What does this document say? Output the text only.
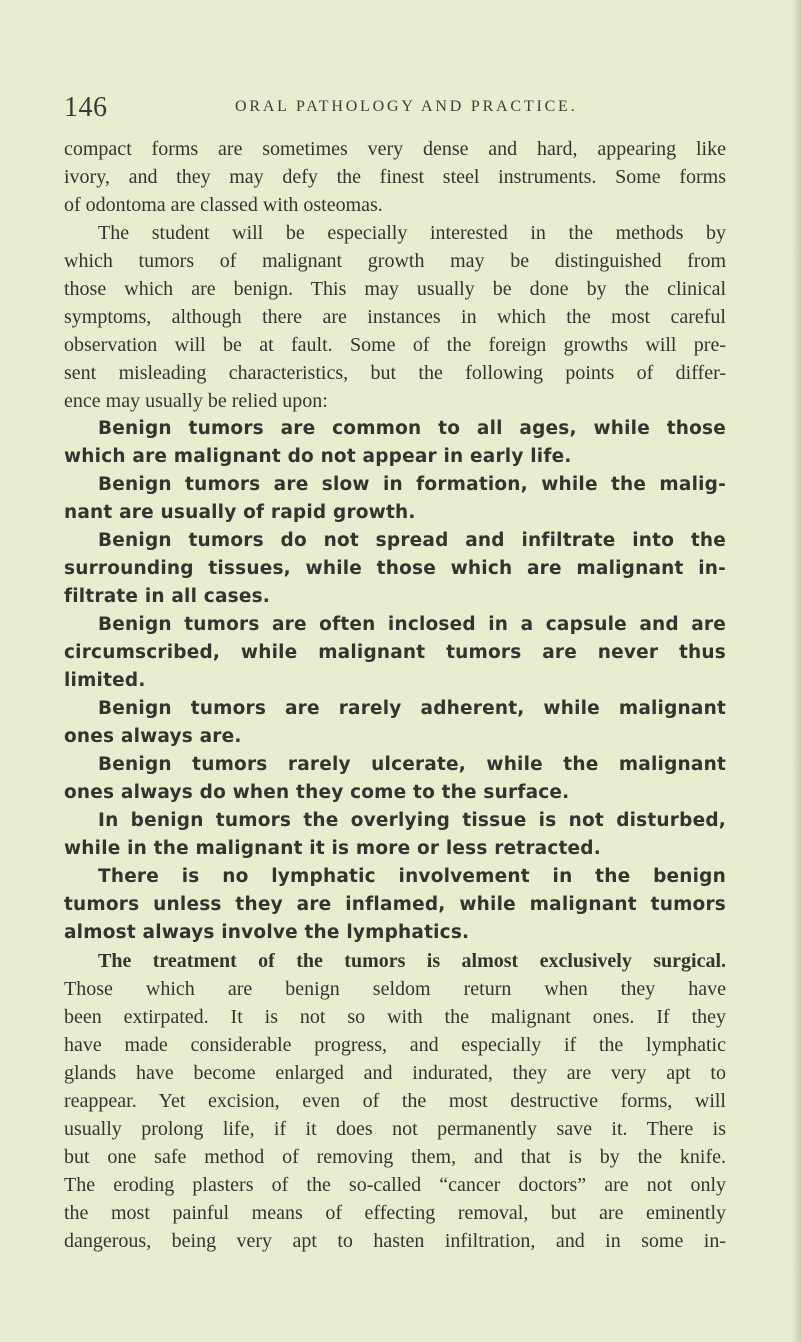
146	ORAL PATHOLOGY AND PRACTICE.
compact forms are sometimes very dense and hard, appearing like
ivory, and they may defy the finest steel instruments. Some forms
of odontoma are classed with osteomas.
The student will be especially interested in the methods by
which tumors of malignant growth may be distinguished from
those which are benign. This may usually be done by the clinical
symptoms, although there are instances in which the most careful
observation will be at fault. Some of the foreign growths will pre-
sent misleading characteristics, but the following points of differ-
ence may usually be relied upon:
Benign tumors are common to all ages, while those
which are malignant do not appear in early life.
Benign tumors are slow in formation, while the malig-
nant are usually of rapid growth.
Benign tumors do not spread and infiltrate into the
surrounding tissues, while those which are malignant in-
filtrate in all cases.
Benign tumors are often inclosed in a capsule and are
circumscribed, while malignant tumors are never thus
limited.
Benign tumors are rarely adherent, while malignant
ones always are.
Benign tumors rarely ulcerate, while the malignant
ones always do when they come to the surface.
In benign tumors the overlying tissue is not disturbed,
while in the malignant it is more or less retracted.
There is no lymphatic involvement in the benign
tumors unless they are inflamed, while malignant tumors
almost always involve the lymphatics.
The treatment of the tumors is almost exclusively surgical.
Those which are benign seldom return when they have
been extirpated. It is not so with the malignant ones. If they
have made considerable progress, and especially if the lymphatic
glands have become enlarged and indurated, they are very apt to
reappear. Yet excision, even of the most destructive forms, will
usually prolong life, if it does not permanently save it. There is
but one safe method of removing them, and that is by the knife.
The eroding plasters of the so-called “cancer doctors” are not only
the most painful means of effecting removal, but are eminently
dangerous, being very apt to hasten infiltration, and in some in-
